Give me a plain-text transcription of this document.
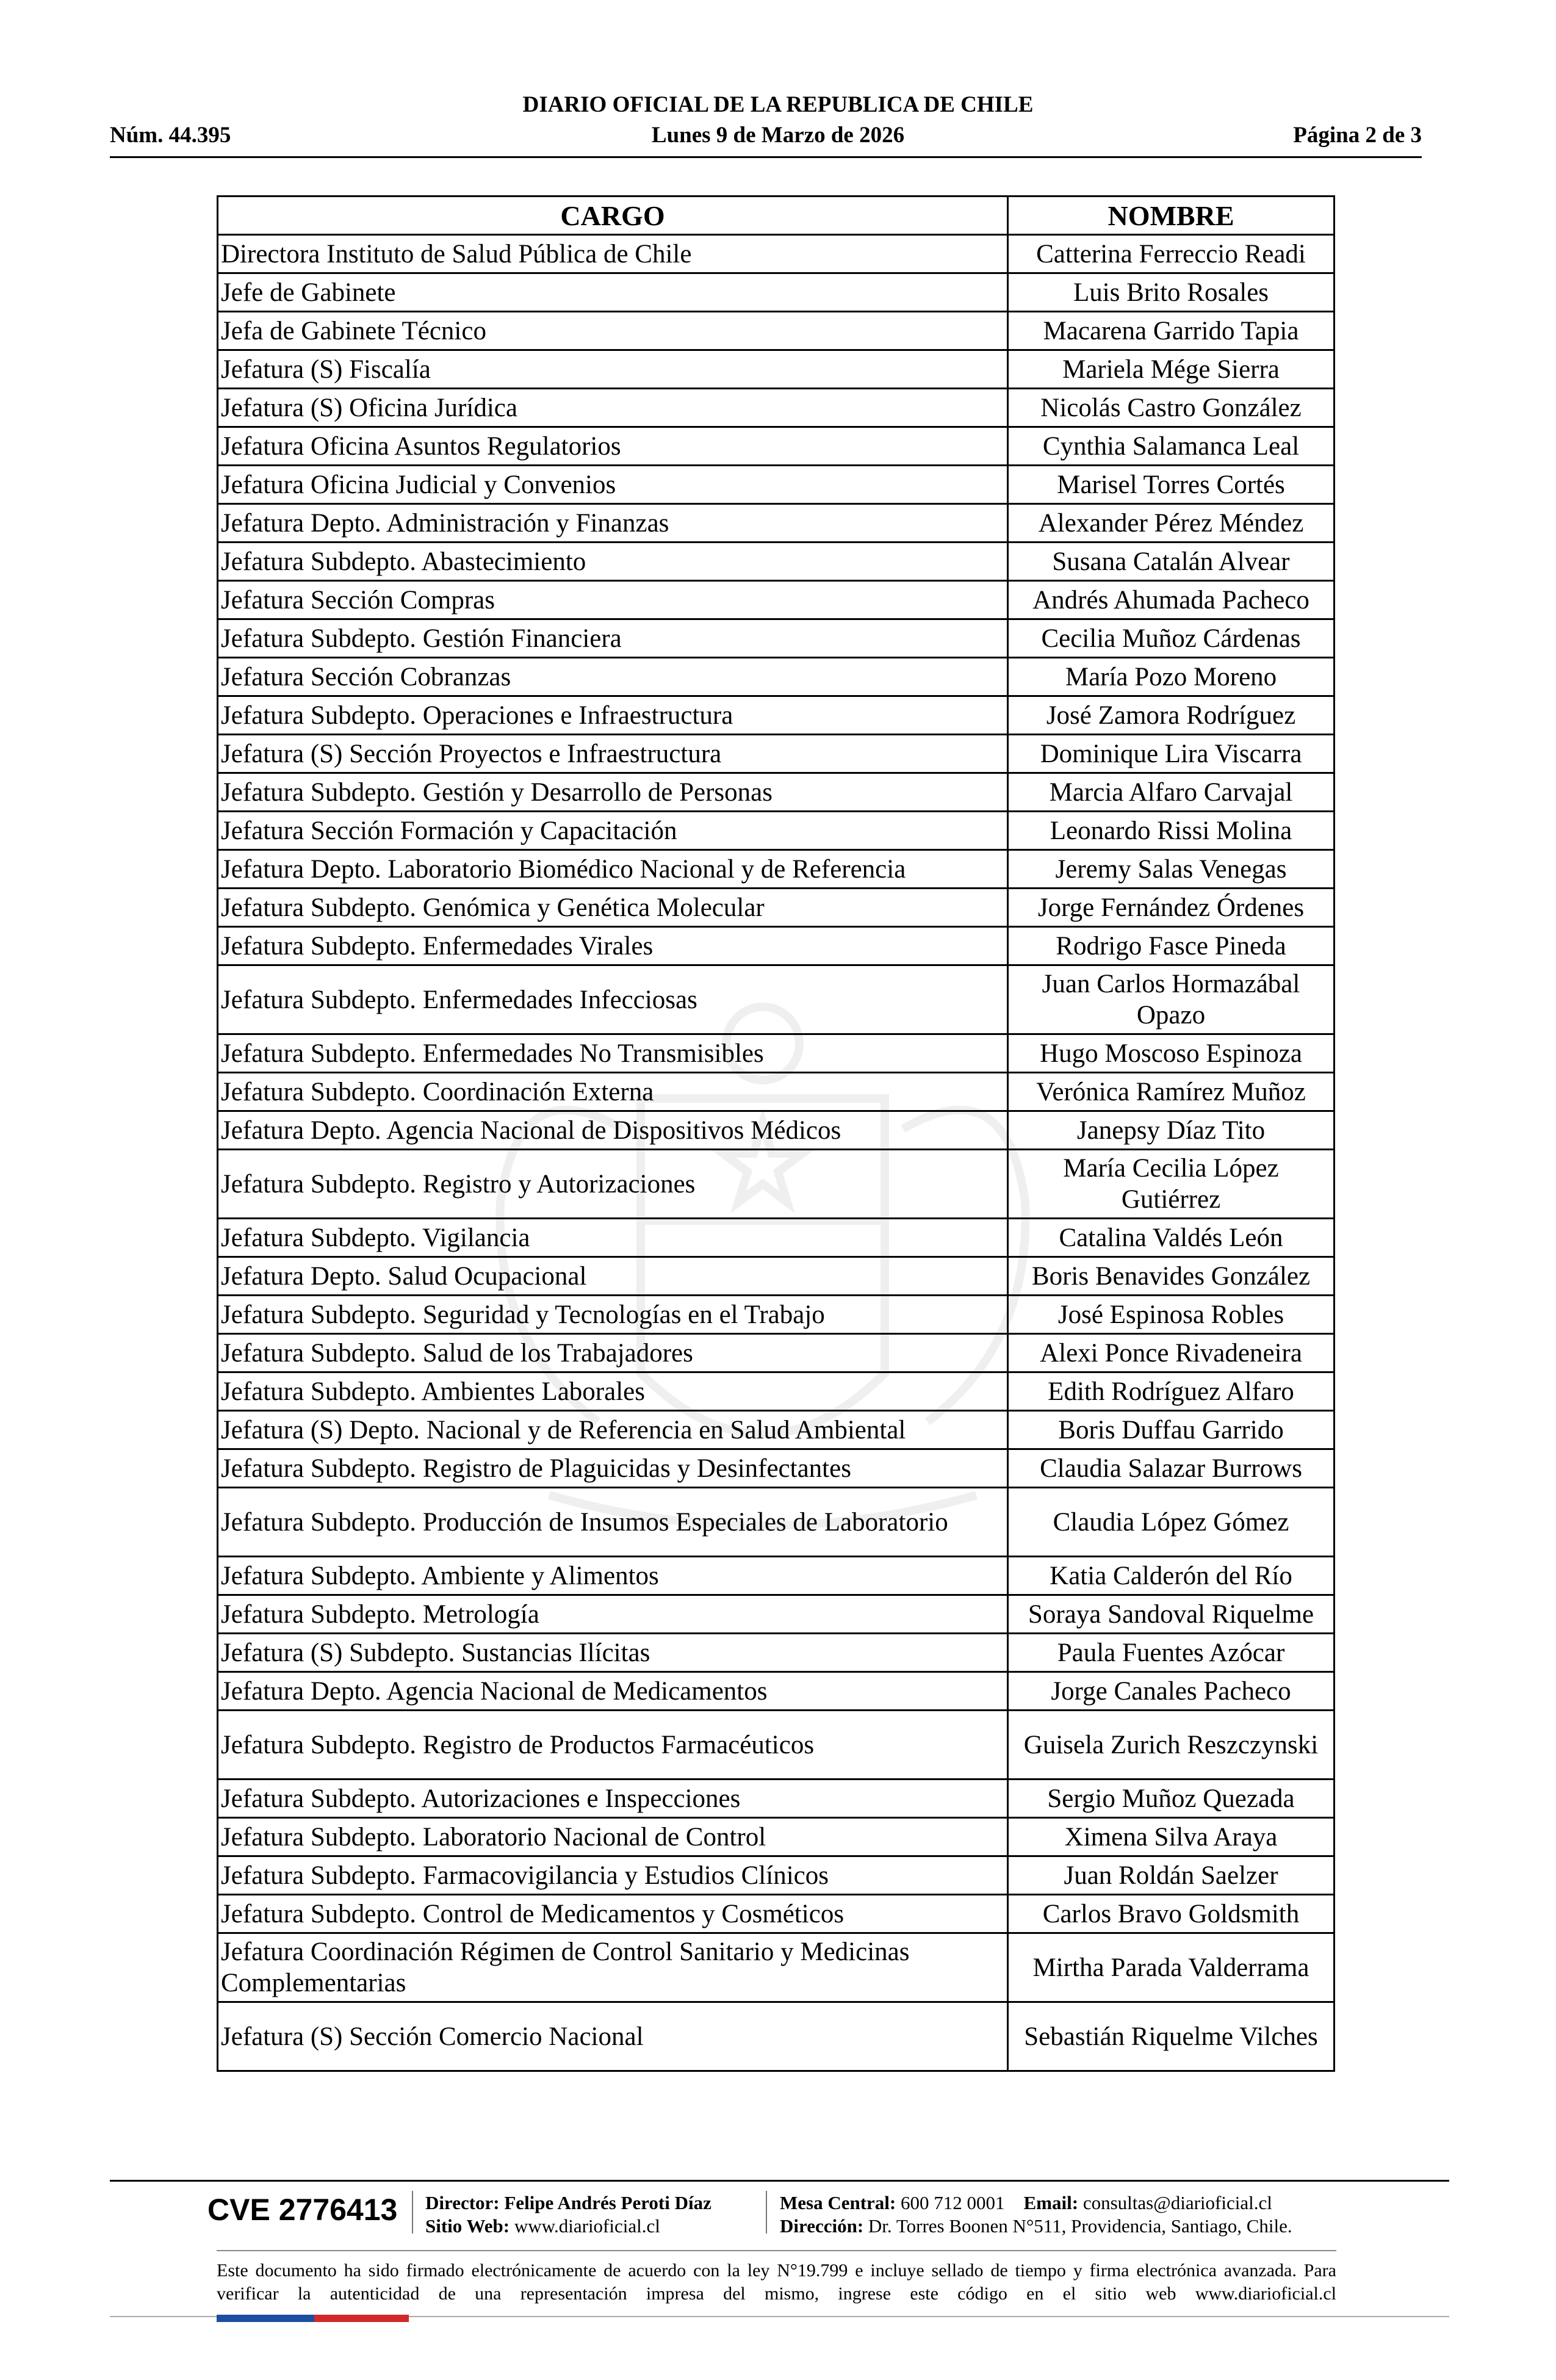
DIARIO OFICIAL DE LA REPUBLICA DE CHILE
Núm. 44.395	Lunes 9 de Marzo de 2026	Página 2 de 3
CARGO	NOMBRE
Directora Instituto de Salud Pública de Chile	Catterina Ferreccio Readi
Jefe de Gabinete	Luis Brito Rosales
Jefa de Gabinete Técnico	Macarena Garrido Tapia
Jefatura (S) Fiscalía	Mariela Mége Sierra
Jefatura (S) Oficina Jurídica	Nicolás Castro González
Jefatura Oficina Asuntos Regulatorios	Cynthia Salamanca Leal
Jefatura Oficina Judicial y Convenios	Marisel Torres Cortés
Jefatura Depto. Administración y Finanzas	Alexander Pérez Méndez
Jefatura Subdepto. Abastecimiento	Susana Catalán Alvear
Jefatura Sección Compras	Andrés Ahumada Pacheco
Jefatura Subdepto. Gestión Financiera	Cecilia Muñoz Cárdenas
Jefatura Sección Cobranzas	María Pozo Moreno
Jefatura Subdepto. Operaciones e Infraestructura	José Zamora Rodríguez
Jefatura (S) Sección Proyectos e Infraestructura	Dominique Lira Viscarra
Jefatura Subdepto. Gestión y Desarrollo de Personas	Marcia Alfaro Carvajal
Jefatura Sección Formación y Capacitación	Leonardo Rissi Molina
Jefatura Depto. Laboratorio Biomédico Nacional y de Referencia	Jeremy Salas Venegas
Jefatura Subdepto. Genómica y Genética Molecular	Jorge Fernández Órdenes
Jefatura Subdepto. Enfermedades Virales	Rodrigo Fasce Pineda
Jefatura Subdepto. Enfermedades Infecciosas	Juan Carlos Hormazábal Opazo
Jefatura Subdepto. Enfermedades No Transmisibles	Hugo Moscoso Espinoza
Jefatura Subdepto. Coordinación Externa	Verónica Ramírez Muñoz
Jefatura Depto. Agencia Nacional de Dispositivos Médicos	Janepsy Díaz Tito
Jefatura Subdepto. Registro y Autorizaciones	María Cecilia López Gutiérrez
Jefatura Subdepto. Vigilancia	Catalina Valdés León
Jefatura Depto. Salud Ocupacional	Boris Benavides González
Jefatura Subdepto. Seguridad y Tecnologías en el Trabajo	José Espinosa Robles
Jefatura Subdepto. Salud de los Trabajadores	Alexi Ponce Rivadeneira
Jefatura Subdepto. Ambientes Laborales	Edith Rodríguez Alfaro
Jefatura (S) Depto. Nacional y de Referencia en Salud Ambiental	Boris Duffau Garrido
Jefatura Subdepto. Registro de Plaguicidas y Desinfectantes	Claudia Salazar Burrows
Jefatura Subdepto. Producción de Insumos Especiales de Laboratorio	Claudia López Gómez
Jefatura Subdepto. Ambiente y Alimentos	Katia Calderón del Río
Jefatura Subdepto. Metrología	Soraya Sandoval Riquelme
Jefatura (S) Subdepto. Sustancias Ilícitas	Paula Fuentes Azócar
Jefatura Depto. Agencia Nacional de Medicamentos	Jorge Canales Pacheco
Jefatura Subdepto. Registro de Productos Farmacéuticos	Guisela Zurich Reszczynski
Jefatura Subdepto. Autorizaciones e Inspecciones	Sergio Muñoz Quezada
Jefatura Subdepto. Laboratorio Nacional de Control	Ximena Silva Araya
Jefatura Subdepto. Farmacovigilancia y Estudios Clínicos	Juan Roldán Saelzer
Jefatura Subdepto. Control de Medicamentos y Cosméticos	Carlos Bravo Goldsmith
Jefatura Coordinación Régimen de Control Sanitario y Medicinas Complementarias	Mirtha Parada Valderrama
Jefatura (S) Sección Comercio Nacional	Sebastián Riquelme Vilches
CVE 2776413 Director: Felipe Andrés Peroti Díaz
Sitio Web: www.diarioficial.cl
Mesa Central: 600 712 0001 Email: consultas@diarioficial.cl
Dirección: Dr. Torres Boonen N°511, Providencia, Santiago, Chile.
Este documento ha sido firmado electrónicamente de acuerdo con la ley N°19.799 e incluye sellado de tiempo y firma electrónica avanzada. Para verificar la autenticidad de una representación impresa del mismo, ingrese este código en el sitio web www.diarioficial.cl
